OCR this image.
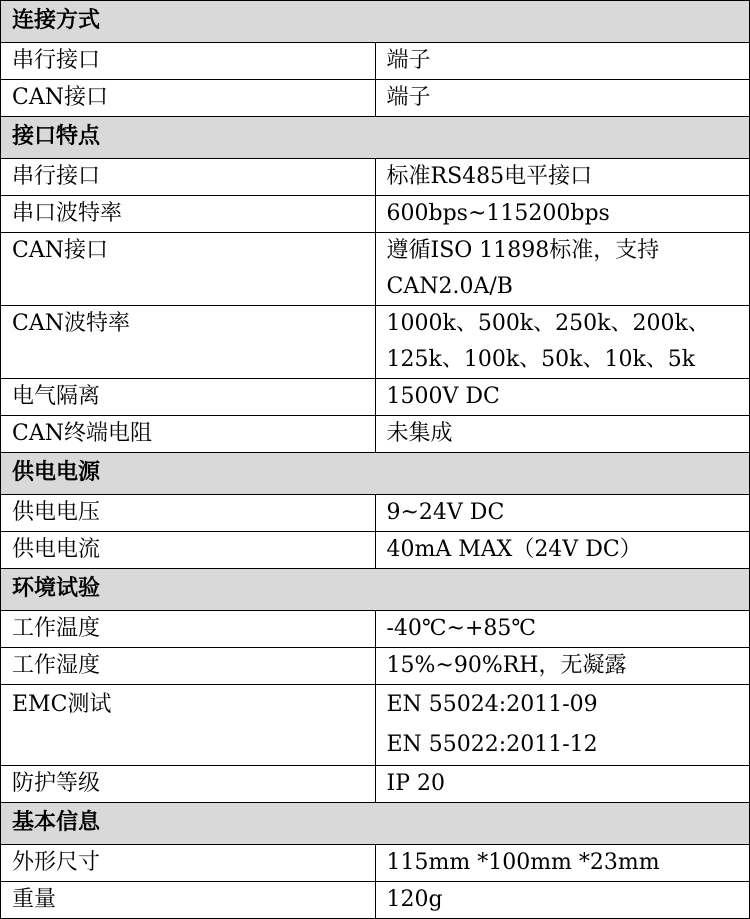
连接方式	
串行接口	端子
CAN接口	端子
接口特点	
串行接口	标准RS485电平接口
串口波特率	600bps~115200bps
CAN接口	遵循ISO 11898标准，支持CAN2.0A/B
CAN波特率	1000k、500k、250k、200k、125k、100k、50k、10k、5k
电气隔离	1500V DC
CAN终端电阻	未集成
供电电源	
供电电压	9~24V DC
供电电流	40mA MAX（24V DC）
环境试验	
工作温度	-40℃~+85℃
工作湿度	15%~90%RH，无凝露
EMC测试	EN 55024:2011-09
EN 55022:2011-12

防护等级	IP 20
基本信息	
外形尺寸	115mm *100mm *23mm
重量	120g
